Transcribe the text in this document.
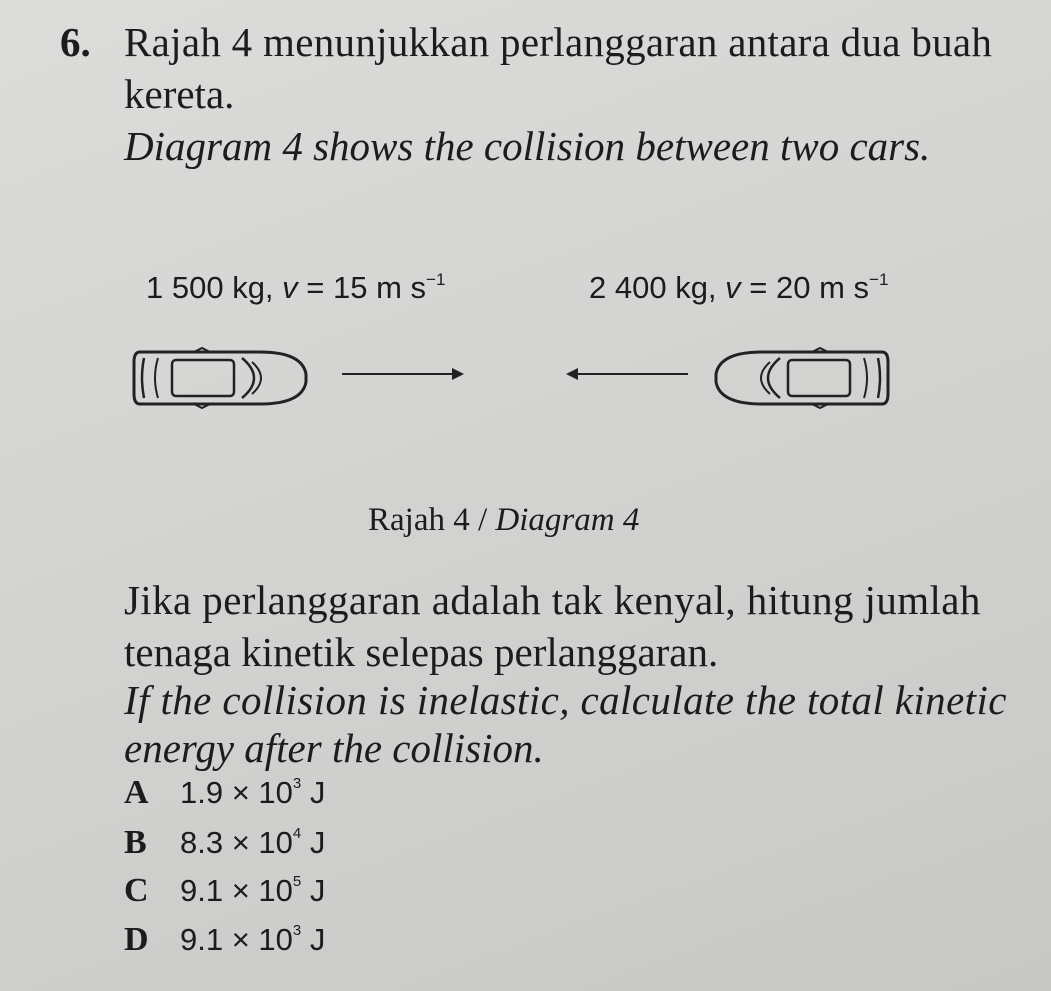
6. Rajah 4 menunjukkan perlanggaran antara dua buah
kereta.
Diagram 4 shows the collision between two cars.
1 500 kg, v = 15 m $s^{-1}$	2 400 kg, v = 20 m $s^{-1}$
Rajah 4 / Diagram 4
Jika perlanggaran adalah tak kenyal, hitung jumlah
tenaga kinetik selepas perlanggaran.
If the collision is inelastic, calculate the total kinetic
energy after the collision.
A $1.9 \times 10^3$ J
B $8.3 \times 10^4$ J
C $9.1 \times 10^5$ J
D $9.1 \times 10^3$ J
